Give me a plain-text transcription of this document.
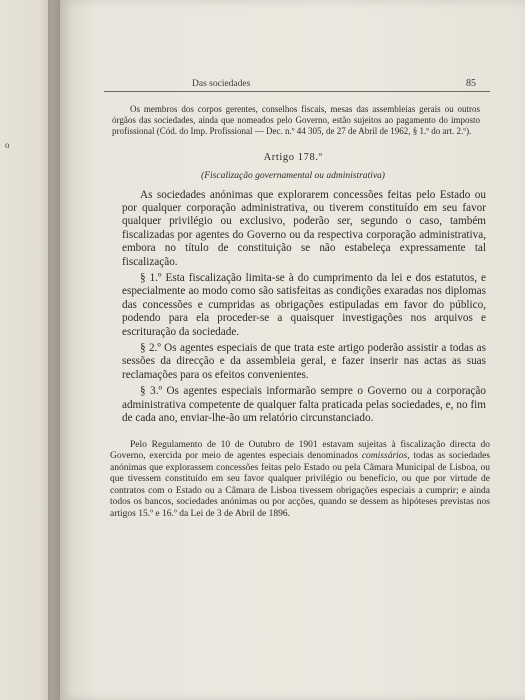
o
Das sociedades	85
Os membros dos corpos gerentes, conselhos fiscais, mesas das assembleias gerais ou outros órgãos das sociedades, ainda que nomeados pelo Governo, estão sujeitos ao pagamento do imposto profissional (Cód. do Imp. Profissional — Dec. n.º 44 305, de 27 de Abril de 1962, § 1.º do art. 2.º).
Artigo 178.º
(Fiscalização governamental ou administrativa)

As sociedades anónimas que explorarem concessões feitas pelo Estado ou por qualquer corporação administrativa, ou tiverem constituído em seu favor qualquer privilégio ou exclusivo, poderão ser, segundo o caso, também fiscalizadas por agentes do Governo ou da respectiva corporação administrativa, embora no título de constituição se não estabeleça expressamente tal fiscalização.

§ 1.º Esta fiscalização limita-se à do cumprimento da lei e dos estatutos, e especialmente ao modo como são satisfeitas as condições exaradas nos diplomas das concessões e cumpridas as obrigações estipuladas em favor do público, podendo para ela proceder-se a quaisquer investigações nos arquivos e escrituração da sociedade.

§ 2.º Os agentes especiais de que trata este artigo poderão assistir a todas as sessões da direcção e da assembleia geral, e fazer inserir nas actas as suas reclamações para os efeitos convenientes.

§ 3.º Os agentes especiais informarão sempre o Governo ou a corporação administrativa competente de qualquer falta praticada pelas sociedades, e, no fim de cada ano, enviar-lhe-ão um relatório circunstanciado.

Pelo Regulamento de 10 de Outubro de 1901 estavam sujeitas à fiscalização directa do Governo, exercida por meio de agentes especiais denominados comissários, todas as sociedades anónimas que explorassem concessões feitas pelo Estado ou pela Câmara Municipal de Lisboa, ou que tivessem constituído em seu favor qualquer privilégio ou benefício, ou que por virtude de contratos com o Estado ou a Câmara de Lisboa tivessem obrigações especiais a cumprir; e ainda todos os bancos, sociedades anónimas ou por acções, quando se dessem as hipóteses previstas nos artigos 15.º e 16.º da Lei de 3 de Abril de 1896.
